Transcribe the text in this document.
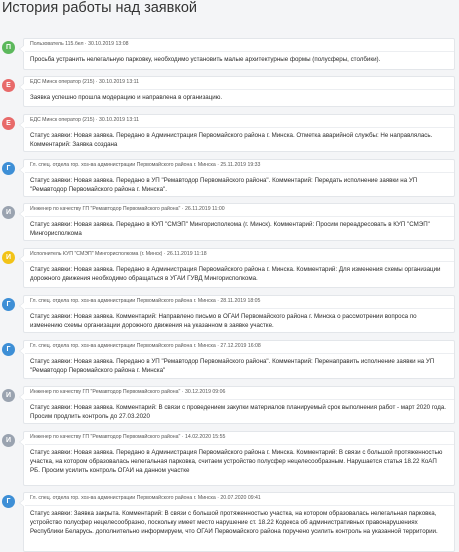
История работы над заявкой
П	Пользователь 115.бел · 30.10.2019 13:08
Просьба устранить нелегальную парковку, необходимо установить малые архитектурные формы (полусферы, столбики).
Е	ЕДС Минск оператор (215) · 30.10.2019 13:11
Заявка успешно прошла модерацию и направлена в организацию.
Е	ЕДС Минск оператор (215) · 30.10.2019 13:11
Статус заявки: Новая заявка. Передано в Администрация Первомайского района г. Минска. Отметка аварийной службы: Не направлялась. Комментарий: Заявка создана
Г	Гл. спец. отдела гор. хоз-ва администрации Первомайского района г. Минска · 25.11.2019 19:33
Статус заявки: Новая заявка. Передано в УП "Ремавтодор Первомайского района". Комментарий: Передать исполнение заявки на УП "Ремавтодор Первомайского района г. Минска".
И	Инженер по качеству ГП "Ремавтодор Первомайского района" · 26.11.2019 11:00
Статус заявки: Новая заявка. Передано в КУП "СМЭП" Мингорисполкома (г. Минск). Комментарий: Просим переадресовать в КУП "СМЭП" Мингорисполкома
И	Исполнитель КУП "СМЭП" Мингорисполкома (г. Минск) · 26.11.2019 11:18
Статус заявки: Новая заявка. Передано в Администрация Первомайского района г. Минска. Комментарий: Для изменения схемы организации дорожного движения необходимо обращаться в УГАИ ГУВД Мингорисполкома.
Г	Гл. спец. отдела гор. хоз-ва администрации Первомайского района г. Минска · 28.11.2019 18:05
Статус заявки: Новая заявка. Комментарий: Направлено письмо в ОГАИ Первомайского района г. Минска о рассмотрении вопроса по изменению схемы организации дорожного движения на указанном в заявке участке.
Г	Гл. спец. отдела гор. хоз-ва администрации Первомайского района г. Минска · 27.12.2019 16:08
Статус заявки: Новая заявка. Передано в УП "Ремавтодор Первомайского района". Комментарий: Перенаправить исполнение заявки на УП "Ремавтодор Первомайского района г. Минска"
И	Инженер по качеству ГП "Ремавтодор Первомайского района" · 30.12.2019 09:06
Статус заявки: Новая заявка. Комментарий: В связи с проведением закупки материалов планируемый срок выполнения работ - март 2020 года. Просим продлить контроль до 27.03.2020
И	Инженер по качеству ГП "Ремавтодор Первомайского района" · 14.02.2020 15:55
Статус заявки: Новая заявка. Передано в Администрация Первомайского района г. Минска. Комментарий: В связи с большой протяженностью участка, на котором образовалась нелегальная парковка, считаем устройство полусфер нецелесообразным. Нарушается статья 18.22 КоАП РБ. Просим усилить контроль ОГАИ на данном участке
Г	Гл. спец. отдела гор. хоз-ва администрации Первомайского района г. Минска · 20.07.2020 09:41
Статус заявки: Заявка закрыта. Комментарий: В связи с большой протяженностью участка, на котором образовалась нелегальная парковка, устройство полусфер нецелесообразно, поскольку имеет место нарушение ст. 18.22 Кодекса об административных правонарушениях Республики Беларусь. дополнительно информируем, что ОГАИ Первомайского района поручено усилить контроль на указанной территории.
